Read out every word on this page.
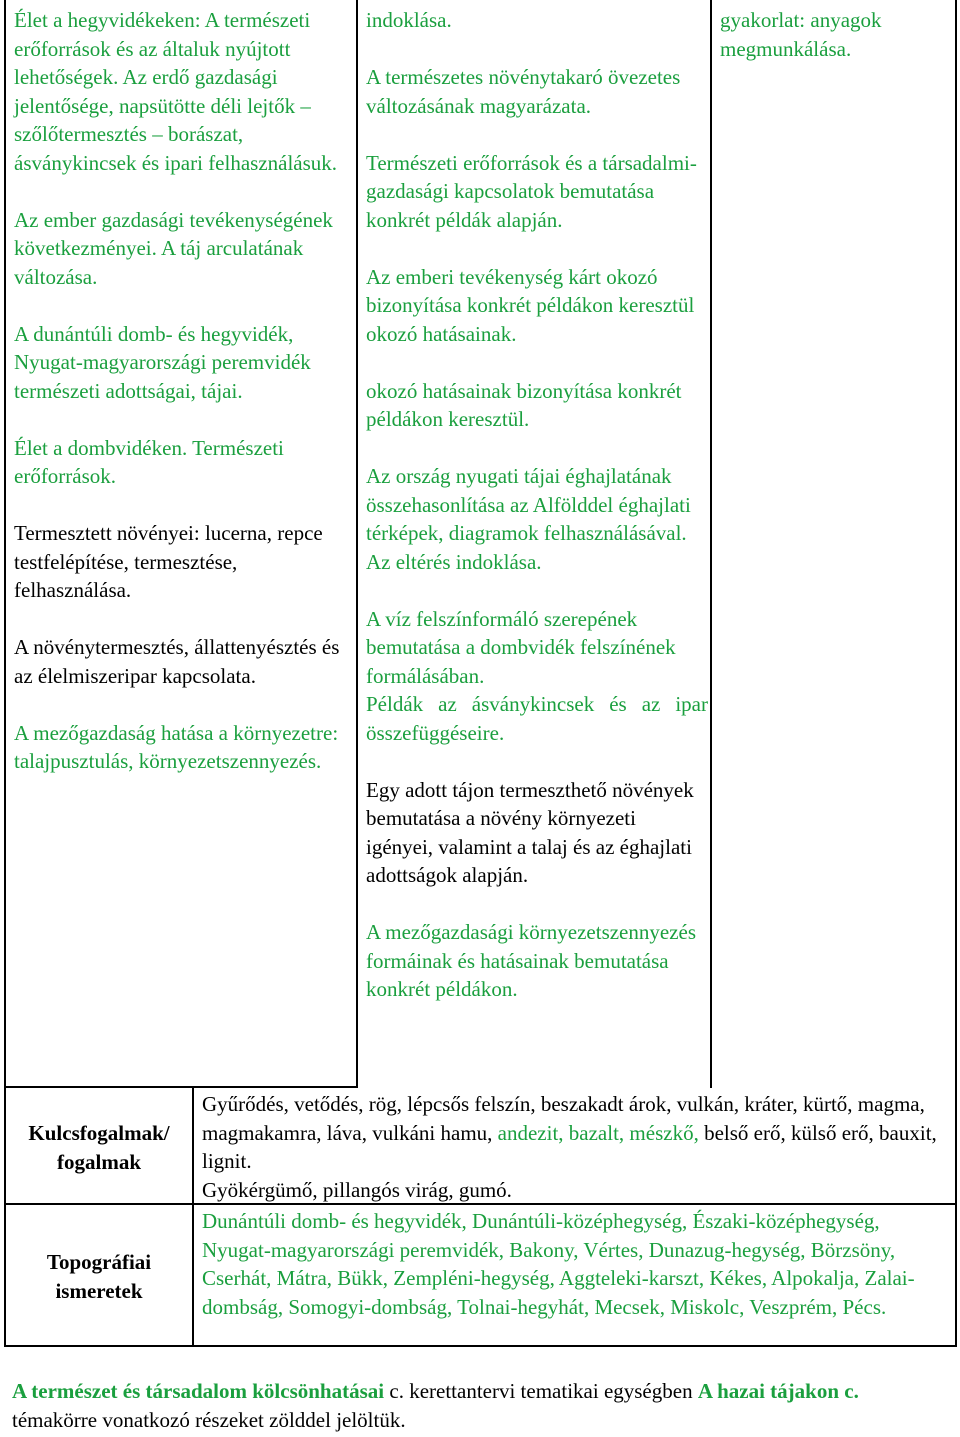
Élet a hegyvidékeken: A természeti erőforrások és az általuk nyújtott lehetőségek. Az erdő gazdasági jelentősége, napsütötte déli lejtők – szőlőtermesztés – borászat, ásványkincsek és ipari felhasználásuk.
Az ember gazdasági tevékenységének következményei. A táj arculatának változása.
A dunántúli domb- és hegyvidék, Nyugat-magyarországi peremvidék természeti adottságai, tájai.
Élet a dombvidéken. Természeti erőforrások.
Termesztett növényei: lucerna, repce testfelépítése, termesztése, felhasználása.
A növénytermesztés, állattenyésztés és az élelmiszeripar kapcsolata.
A mezőgazdaság hatása a környezetre: talajpusztulás, környezetszennyezés.
indoklása.
A természetes növénytakaró övezetes változásának magyarázata.
Természeti erőforrások és a társadalmi-gazdasági kapcsolatok bemutatása konkrét példák alapján.
Az emberi tevékenység kárt okozó bizonyítása konkrét példákon keresztül okozó hatásainak.
okozó hatásainak bizonyítása konkrét példákon keresztül.
Az ország nyugati tájai éghajlatának összehasonlítása az Alfölddel éghajlati térképek, diagramok felhasználásával. Az eltérés indoklása.
A víz felszínformáló szerepének bemutatása a dombvidék felszínének formálásában.
Példák az ásványkincsek és az ipar összefüggéseire.
Egy adott tájon termeszthető növények bemutatása a növény környezeti igényei, valamint a talaj és az éghajlati adottságok alapján.
A mezőgazdasági környezetszennyezés formáinak és hatásainak bemutatása konkrét példákon.
gyakorlat: anyagok megmunkálása.
Kulcsfogalmak/ fogalmak
Gyűrődés, vetődés, rög, lépcsős felszín, beszakadt árok, vulkán, kráter, kürtő, magma, magmakamra, láva, vulkáni hamu, andezit, bazalt, mészkő, belső erő, külső erő, bauxit, lignit.
Gyökérgümő, pillangós virág, gumó.
Topográfiai ismeretek
Dunántúli domb- és hegyvidék, Dunántúli-középhegység, Északi-középhegység, Nyugat-magyarországi peremvidék, Bakony, Vértes, Dunazug-hegység, Börzsöny, Cserhát, Mátra, Bükk, Zempléni-hegység, Aggteleki-karszt, Kékes, Alpokalja, Zalai-dombság, Somogyi-dombság, Tolnai-hegyhát, Mecsek, Miskolc, Veszprém, Pécs.
A természet és társadalom kölcsönhatásai c. kerettantervi tematikai egységben A hazai tájakon c. témakörre vonatkozó részeket zölddel jelöltük.
